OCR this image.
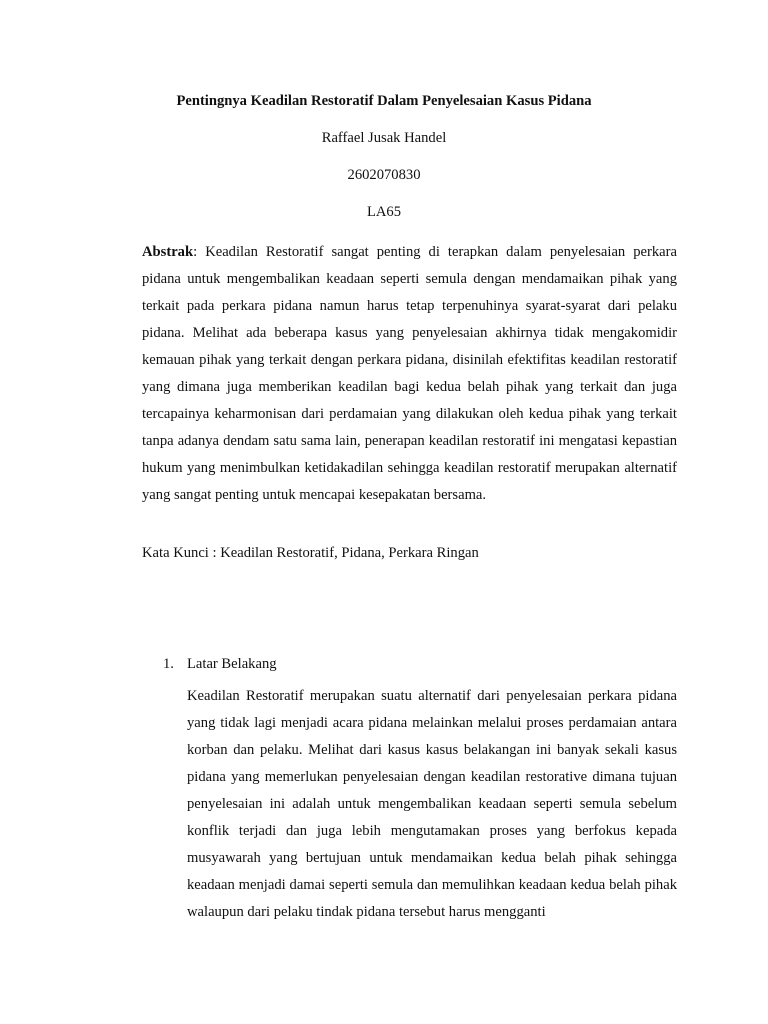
Pentingnya Keadilan Restoratif Dalam Penyelesaian Kasus Pidana

Raffael Jusak Handel

2602070830

LA65

Abstrak: Keadilan Restoratif sangat penting di terapkan dalam penyelesaian perkara pidana untuk mengembalikan keadaan seperti semula dengan mendamaikan pihak yang terkait pada perkara pidana namun harus tetap terpenuhinya syarat-syarat dari pelaku pidana. Melihat ada beberapa kasus yang penyelesaian akhirnya tidak mengakomidir kemauan pihak yang terkait dengan perkara pidana, disinilah efektifitas keadilan restoratif yang dimana juga memberikan keadilan bagi kedua belah pihak yang terkait dan juga tercapainya keharmonisan dari perdamaian yang dilakukan oleh kedua pihak yang terkait tanpa adanya dendam satu sama lain, penerapan keadilan restoratif ini mengatasi kepastian hukum yang menimbulkan ketidakadilan sehingga keadilan restoratif merupakan alternatif yang sangat penting untuk mencapai kesepakatan bersama.

Kata Kunci : Keadilan Restoratif, Pidana, Perkara Ringan

1. Latar Belakang

Keadilan Restoratif merupakan suatu alternatif dari penyelesaian perkara pidana yang tidak lagi menjadi acara pidana melainkan melalui proses perdamaian antara korban dan pelaku. Melihat dari kasus kasus belakangan ini banyak sekali kasus pidana yang memerlukan penyelesaian dengan keadilan restorative dimana tujuan penyelesaian ini adalah untuk mengembalikan keadaan seperti semula sebelum konflik terjadi dan juga lebih mengutamakan proses yang berfokus kepada musyawarah yang bertujuan untuk mendamaikan kedua belah pihak sehingga keadaan menjadi damai seperti semula dan memulihkan keadaan kedua belah pihak walaupun dari pelaku tindak pidana tersebut harus mengganti
